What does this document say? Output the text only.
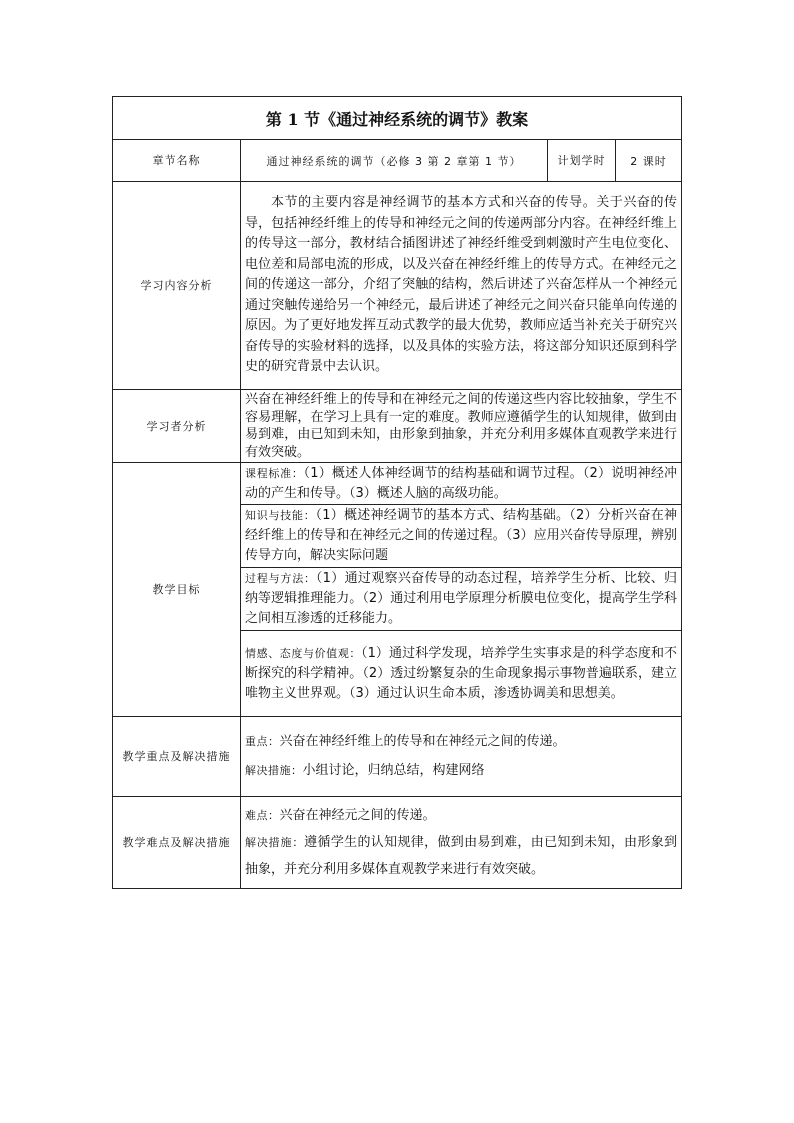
第 1 节《通过神经系统的调节》教案			
章节名称	通过神经系统的调节（必修 3 第 2 章第 1 节）	计划学时	2 课时
学习内容分析	本节的主要内容是神经调节的基本方式和兴奋的传导。关于兴奋的传导，包括神经纤维上的传导和神经元之间的传递两部分内容。在神经纤维上的传导这一部分，教材结合插图讲述了神经纤维受到刺激时产生电位变化、电位差和局部电流的形成，以及兴奋在神经纤维上的传导方式。在神经元之间的传递这一部分，介绍了突触的结构，然后讲述了兴奋怎样从一个神经元通过突触传递给另一个神经元，最后讲述了神经元之间兴奋只能单向传递的原因。为了更好地发挥互动式教学的最大优势，教师应适当补充关于研究兴奋传导的实验材料的选择，以及具体的实验方法，将这部分知识还原到科学史的研究背景中去认识。		
学习者分析	兴奋在神经纤维上的传导和在神经元之间的传递这些内容比较抽象，学生不容易理解，在学习上具有一定的难度。教师应遵循学生的认知规律，做到由易到难，由已知到未知，由形象到抽象，并充分利用多媒体直观教学来进行有效突破。		
教学目标	课程标准：（1）概述人体神经调节的结构基础和调节过程。（2）说明神经冲动的产生和传导。（3）概述人脑的高级功能。		
	知识与技能：（1）概述神经调节的基本方式、结构基础。（2）分析兴奋在神经纤维上的传导和在神经元之间的传递过程。（3）应用兴奋传导原理，辨别传导方向，解决实际问题		
	过程与方法：（1）通过观察兴奋传导的动态过程，培养学生分析、比较、归纳等逻辑推理能力。（2）通过利用电学原理分析膜电位变化，提高学生学科之间相互渗透的迁移能力。		
	情感、态度与价值观：（1）通过科学发现，培养学生实事求是的科学态度和不断探究的科学精神。（2）透过纷繁复杂的生命现象揭示事物普遍联系，建立唯物主义世界观。（3）通过认识生命本质，渗透协调美和思想美。		
教学重点及解决措施	重点：兴奋在神经纤维上的传导和在神经元之间的传递。
解决措施：小组讨论，归纳总结，构建网络		
教学难点及解决措施	难点：兴奋在神经元之间的传递。
解决措施：遵循学生的认知规律，做到由易到难，由已知到未知，由形象到抽象，并充分利用多媒体直观教学来进行有效突破。		
